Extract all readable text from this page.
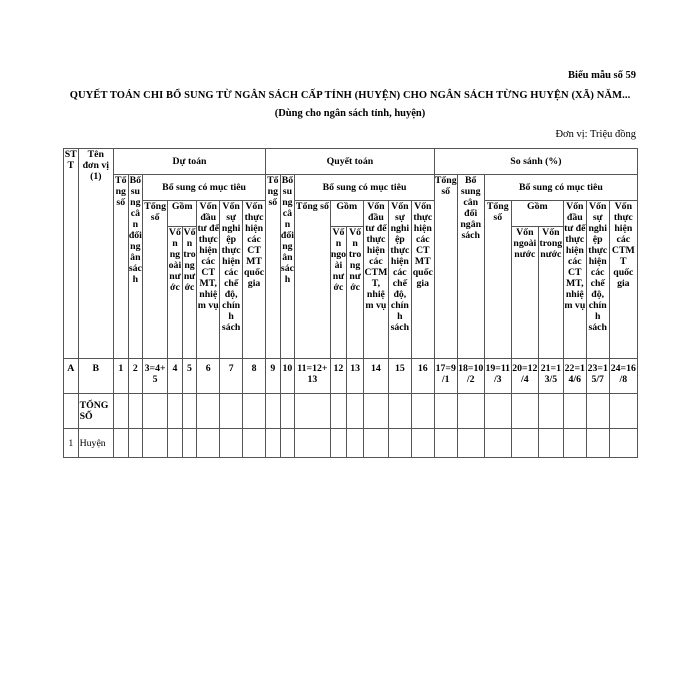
Biểu mẫu số 59
QUYẾT TOÁN CHI BỔ SUNG TỪ NGÂN SÁCH CẤP TỈNH (HUYỆN) CHO NGÂN SÁCH TỪNG HUYỆN (XÃ) NĂM...
(Dùng cho ngân sách tỉnh, huyện)
Đơn vị: Triệu đồng
STT	Tên đơn vị (1)	Dự toán								Quyết toán								So sánh (%)							
		Tổng số	Bổ sung cân đối ngân sách	Bổ sung có mục tiêu						Tổng số	Bổ sung cân đối ngân sách	Bổ sung có mục tiêu						Tổng số	Bổ sung cân đối ngân sách	Bổ sung có mục tiêu					
				Tổng số	Gồm		Vốn đầu tư để thực hiện các CTMT, nhiệm vụ	Vốn sự nghiệp thực hiện các chế độ, chính sách	Vốn thực hiện các CTMT quốc gia			Tổng số	Gồm		Vốn đầu tư để thực hiện các CTMT, nhiệm vụ	Vốn sự nghiệp thực hiện các chế độ, chính sách	Vốn thực hiện các CTMT quốc gia			Tổng số	Gồm		Vốn đầu tư để thực hiện các CTMT, nhiệm vụ	Vốn sự nghiệp thực hiện các chế độ, chính sách	Vốn thực hiện các CTMT quốc gia
					Vốn ngoài nước	Vốn trong nước							Vốn ngoài nước	Vốn trong nước							Vốn ngoài nước	Vốn trong nước			
A	B	1	2	3=4+5	4	5	6	7	8	9	10	11=12+13	12	13	14	15	16	17=9/1	18=10/2	19=11/3	20=12/4	21=13/5	22=14/6	23=15/7	24=16/8
	TỔNG SỐ																								
1	Huyện																								
